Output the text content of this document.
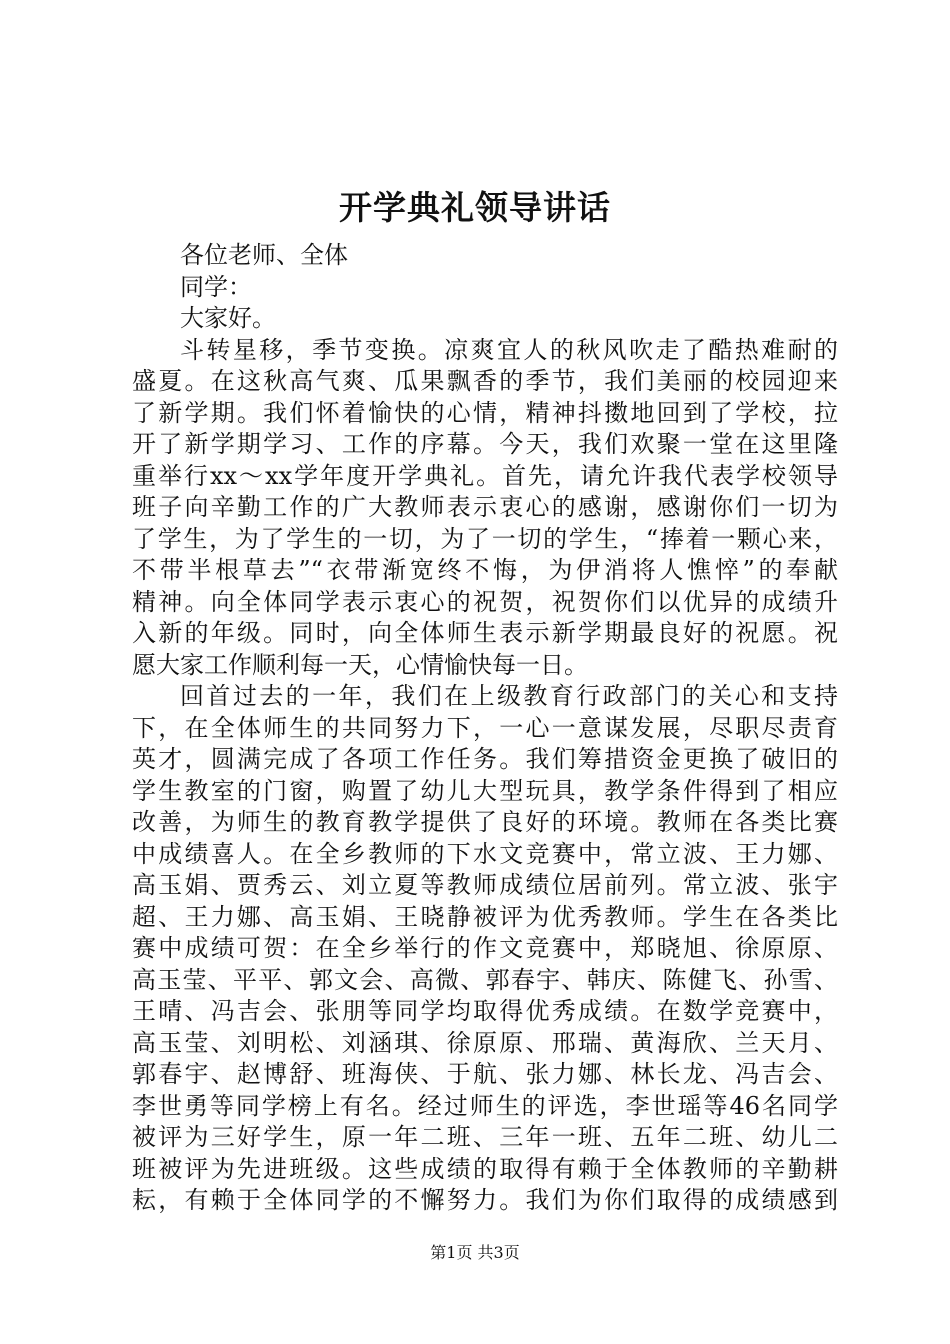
开学典礼领导讲话
各位老师、全体
同学：
大家好。
斗转星移，季节变换。凉爽宜人的秋风吹走了酷热难耐的
盛夏。在这秋高气爽、瓜果飘香的季节，我们美丽的校园迎来
了新学期。我们怀着愉快的心情，精神抖擞地回到了学校，拉
开了新学期学习、工作的序幕。今天，我们欢聚一堂在这里隆
重举行xx～xx学年度开学典礼。首先，请允许我代表学校领导
班子向辛勤工作的广大教师表示衷心的感谢，感谢你们一切为
了学生，为了学生的一切，为了一切的学生，“捧着一颗心来，
不带半根草去”“衣带渐宽终不悔，为伊消将人憔悴”的奉献
精神。向全体同学表示衷心的祝贺，祝贺你们以优异的成绩升
入新的年级。同时，向全体师生表示新学期最良好的祝愿。祝
愿大家工作顺利每一天，心情愉快每一日。
回首过去的一年，我们在上级教育行政部门的关心和支持
下，在全体师生的共同努力下，一心一意谋发展，尽职尽责育
英才，圆满完成了各项工作任务。我们筹措资金更换了破旧的
学生教室的门窗，购置了幼儿大型玩具，教学条件得到了相应
改善，为师生的教育教学提供了良好的环境。教师在各类比赛
中成绩喜人。在全乡教师的下水文竞赛中，常立波、王力娜、
高玉娟、贾秀云、刘立夏等教师成绩位居前列。常立波、张宇
超、王力娜、高玉娟、王晓静被评为优秀教师。学生在各类比
赛中成绩可贺：在全乡举行的作文竞赛中，郑晓旭、徐原原、
高玉莹、平平、郭文会、高微、郭春宇、韩庆、陈健飞、孙雪、
王晴、冯吉会、张朋等同学均取得优秀成绩。在数学竞赛中，
高玉莹、刘明松、刘涵琪、徐原原、邢瑞、黄海欣、兰天月、
郭春宇、赵博舒、班海侠、于航、张力娜、林长龙、冯吉会、
李世勇等同学榜上有名。经过师生的评选，李世瑶等46名同学
被评为三好学生，原一年二班、三年一班、五年二班、幼儿二
班被评为先进班级。这些成绩的取得有赖于全体教师的辛勤耕
耘，有赖于全体同学的不懈努力。我们为你们取得的成绩感到
第1页 共3页
